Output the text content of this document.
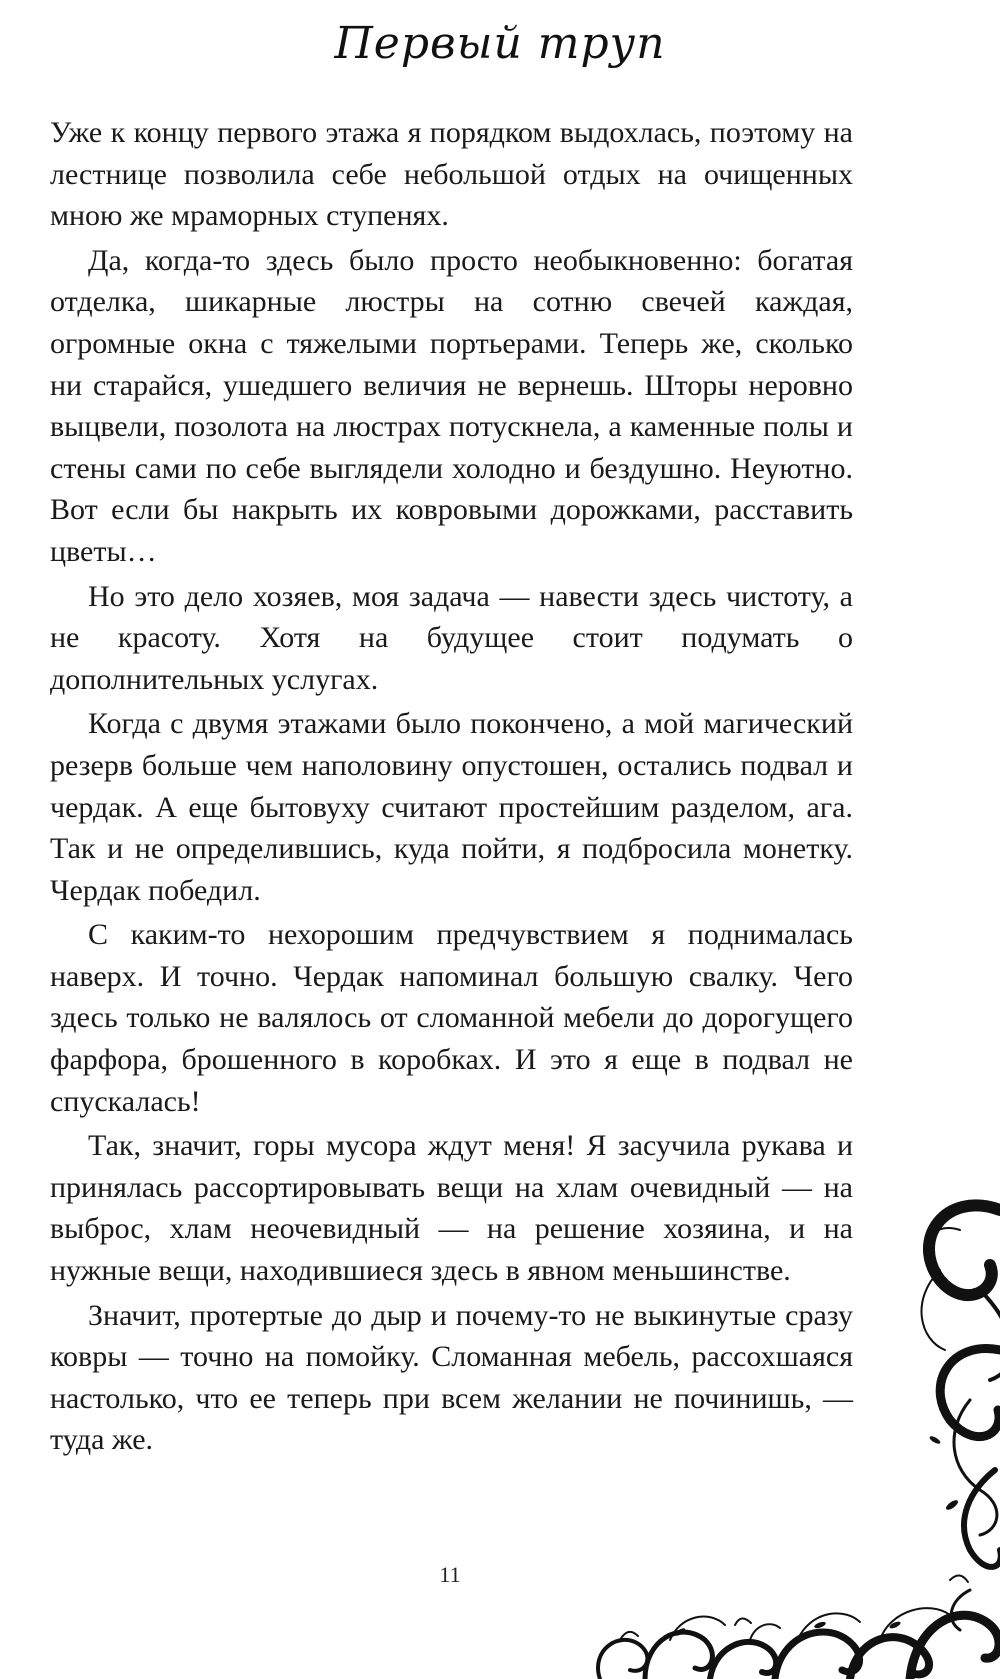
Первый труп

Уже к концу первого этажа я порядком выдохлась, поэтому на лестнице позволила себе небольшой отдых на очищенных мною же мраморных ступенях.

Да, когда-то здесь было просто необыкновенно: богатая отделка, шикарные люстры на сотню свечей каждая, огромные окна с тяжелыми портьерами. Теперь же, сколько ни старайся, ушедшего величия не вернешь. Шторы неровно выцвели, позолота на люстрах потускнела, а каменные полы и стены сами по себе выглядели холодно и бездушно. Неуютно. Вот если бы накрыть их ковровыми дорожками, расставить цветы…

Но это дело хозяев, моя задача — навести здесь чистоту, а не красоту. Хотя на будущее стоит подумать о дополнительных услугах.

Когда с двумя этажами было покончено, а мой магический резерв больше чем наполовину опустошен, остались подвал и чердак. А еще бытовуху считают простейшим разделом, ага. Так и не определившись, куда пойти, я подбросила монетку. Чердак победил.

С каким-то нехорошим предчувствием я поднималась наверх. И точно. Чердак напоминал большую свалку. Чего здесь только не валялось от сломанной мебели до дорогущего фарфора, брошенного в коробках. И это я еще в подвал не спускалась!

Так, значит, горы мусора ждут меня! Я засучила рукава и принялась рассортировывать вещи на хлам очевидный — на выброс, хлам неочевидный — на решение хозяина, и на нужные вещи, находившиеся здесь в явном меньшинстве.

Значит, протертые до дыр и почему-то не выкинутые сразу ковры — точно на помойку. Сломанная мебель, рассохшаяся настолько, что ее теперь при всем желании не починишь, — туда же.

11
